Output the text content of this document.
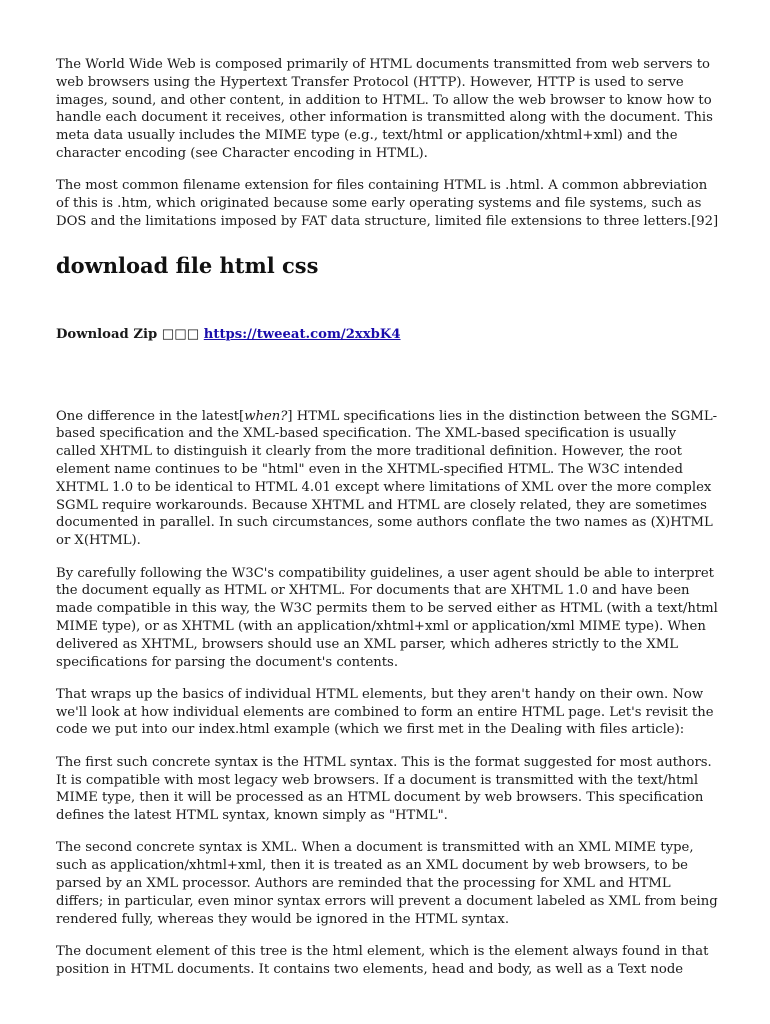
The World Wide Web is composed primarily of HTML documents transmitted from web servers to web browsers using the Hypertext Transfer Protocol (HTTP). However, HTTP is used to serve images, sound, and other content, in addition to HTML. To allow the web browser to know how to handle each document it receives, other information is transmitted along with the document. This meta data usually includes the MIME type (e.g., text/html or application/xhtml+xml) and the character encoding (see Character encoding in HTML).

The most common filename extension for files containing HTML is .html. A common abbreviation of this is .htm, which originated because some early operating systems and file systems, such as DOS and the limitations imposed by FAT data structure, limited file extensions to three letters.[92]

download file html css
Download Zip □□□ https://tweeat.com/2xxbK4

One difference in the latest[when?] HTML specifications lies in the distinction between the SGML-based specification and the XML-based specification. The XML-based specification is usually called XHTML to distinguish it clearly from the more traditional definition. However, the root element name continues to be "html" even in the XHTML-specified HTML. The W3C intended XHTML 1.0 to be identical to HTML 4.01 except where limitations of XML over the more complex SGML require workarounds. Because XHTML and HTML are closely related, they are sometimes documented in parallel. In such circumstances, some authors conflate the two names as (X)HTML or X(HTML).

By carefully following the W3C's compatibility guidelines, a user agent should be able to interpret the document equally as HTML or XHTML. For documents that are XHTML 1.0 and have been made compatible in this way, the W3C permits them to be served either as HTML (with a text/html MIME type), or as XHTML (with an application/xhtml+xml or application/xml MIME type). When delivered as XHTML, browsers should use an XML parser, which adheres strictly to the XML specifications for parsing the document's contents.

That wraps up the basics of individual HTML elements, but they aren't handy on their own. Now we'll look at how individual elements are combined to form an entire HTML page. Let's revisit the code we put into our index.html example (which we first met in the Dealing with files article):

The first such concrete syntax is the HTML syntax. This is the format suggested for most authors. It is compatible with most legacy web browsers. If a document is transmitted with the text/html MIME type, then it will be processed as an HTML document by web browsers. This specification defines the latest HTML syntax, known simply as "HTML".

The second concrete syntax is XML. When a document is transmitted with an XML MIME type, such as application/xhtml+xml, then it is treated as an XML document by web browsers, to be parsed by an XML processor. Authors are reminded that the processing for XML and HTML differs; in particular, even minor syntax errors will prevent a document labeled as XML from being rendered fully, whereas they would be ignored in the HTML syntax.

The document element of this tree is the html element, which is the element always found in that position in HTML documents. It contains two elements, head and body, as well as a Text node
